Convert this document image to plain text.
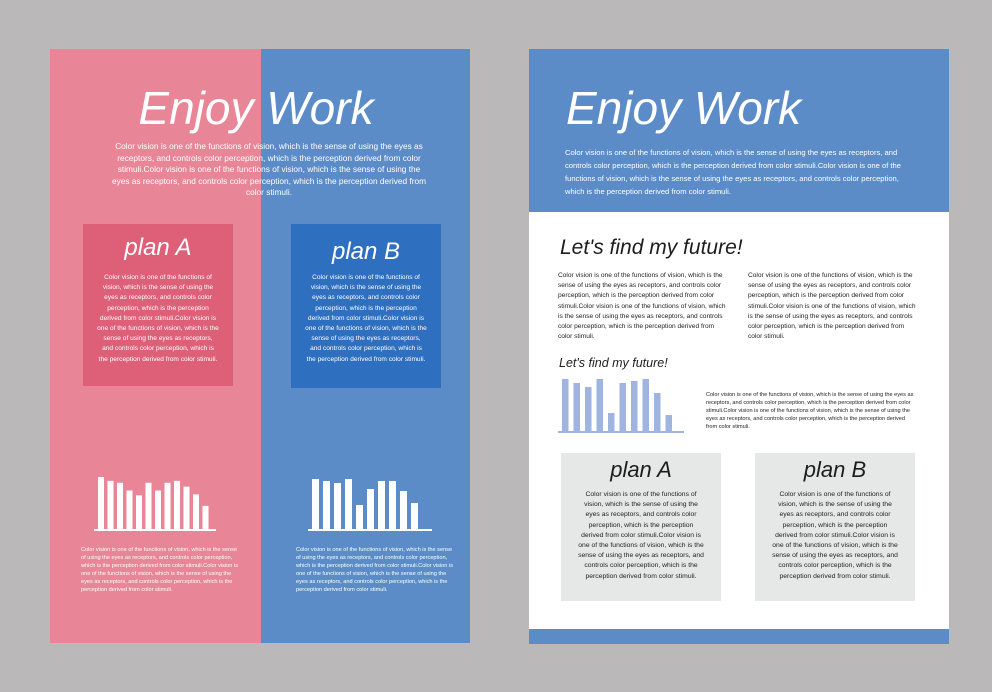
Enjoy Work

Color vision is one of the functions of vision, which is the sense of using the eyes as receptors, and controls color perception, which is the perception derived from color stimuli.Color vision is one of the functions of vision, which is the sense of using the eyes as receptors, and controls color perception, which is the perception derived from color stimuli.

plan A

Color vision is one of the functions of vision, which is the sense of using the eyes as receptors, and controls color perception, which is the perception derived from color stimuli.Color vision is one of the functions of vision, which is the sense of using the eyes as receptors, and controls color perception, which is the perception derived from color stimuli.

plan B

Color vision is one of the functions of vision, which is the sense of using the eyes as receptors, and controls color perception, which is the perception derived from color stimuli.Color vision is one of the functions of vision, which is the sense of using the eyes as receptors, and controls color perception, which is the perception derived from color stimuli.

Color vision is one of the functions of vision, which is the sense of using the eyes as receptors, and controls color perception, which is the perception derived from color stimuli.Color vision is one of the functions of vision, which is the sense of using the eyes as receptors, and controls color perception, which is the perception derived from color stimuli.

Color vision is one of the functions of vision, which is the sense of using the eyes as receptors, and controls color perception, which is the perception derived from color stimuli.Color vision is one of the functions of vision, which is the sense of using the eyes as receptors, and controls color perception, which is the perception derived from color stimuli.

Enjoy Work

Color vision is one of the functions of vision, which is the sense of using the eyes as receptors, and controls color perception, which is the perception derived from color stimuli.Color vision is one of the functions of vision, which is the sense of using the eyes as receptors, and controls color perception, which is the perception derived from color stimuli.

Let's find my future!

Color vision is one of the functions of vision, which is the sense of using the eyes as receptors, and controls color perception, which is the perception derived from color stimuli.Color vision is one of the functions of vision, which is the sense of using the eyes as receptors, and controls color perception, which is the perception derived from color stimuli.

Color vision is one of the functions of vision, which is the sense of using the eyes as receptors, and controls color perception, which is the perception derived from color stimuli.Color vision is one of the functions of vision, which is the sense of using the eyes as receptors, and controls color perception, which is the perception derived from color stimuli.

Let's find my future!

Color vision is one of the functions of vision, which is the sense of using the eyes as receptors, and controls color perception, which is the perception derived from color stimuli.Color vision is one of the functions of vision, which is the sense of using the eyes as receptors, and controls color perception, which is the perception derived from color stimuli.

plan A

Color vision is one of the functions of vision, which is the sense of using the eyes as receptors, and controls color perception, which is the perception derived from color stimuli.Color vision is one of the functions of vision, which is the sense of using the eyes as receptors, and controls color perception, which is the perception derived from color stimuli.

plan B

Color vision is one of the functions of vision, which is the sense of using the eyes as receptors, and controls color perception, which is the perception derived from color stimuli.Color vision is one of the functions of vision, which is the sense of using the eyes as receptors, and controls color perception, which is the perception derived from color stimuli.
